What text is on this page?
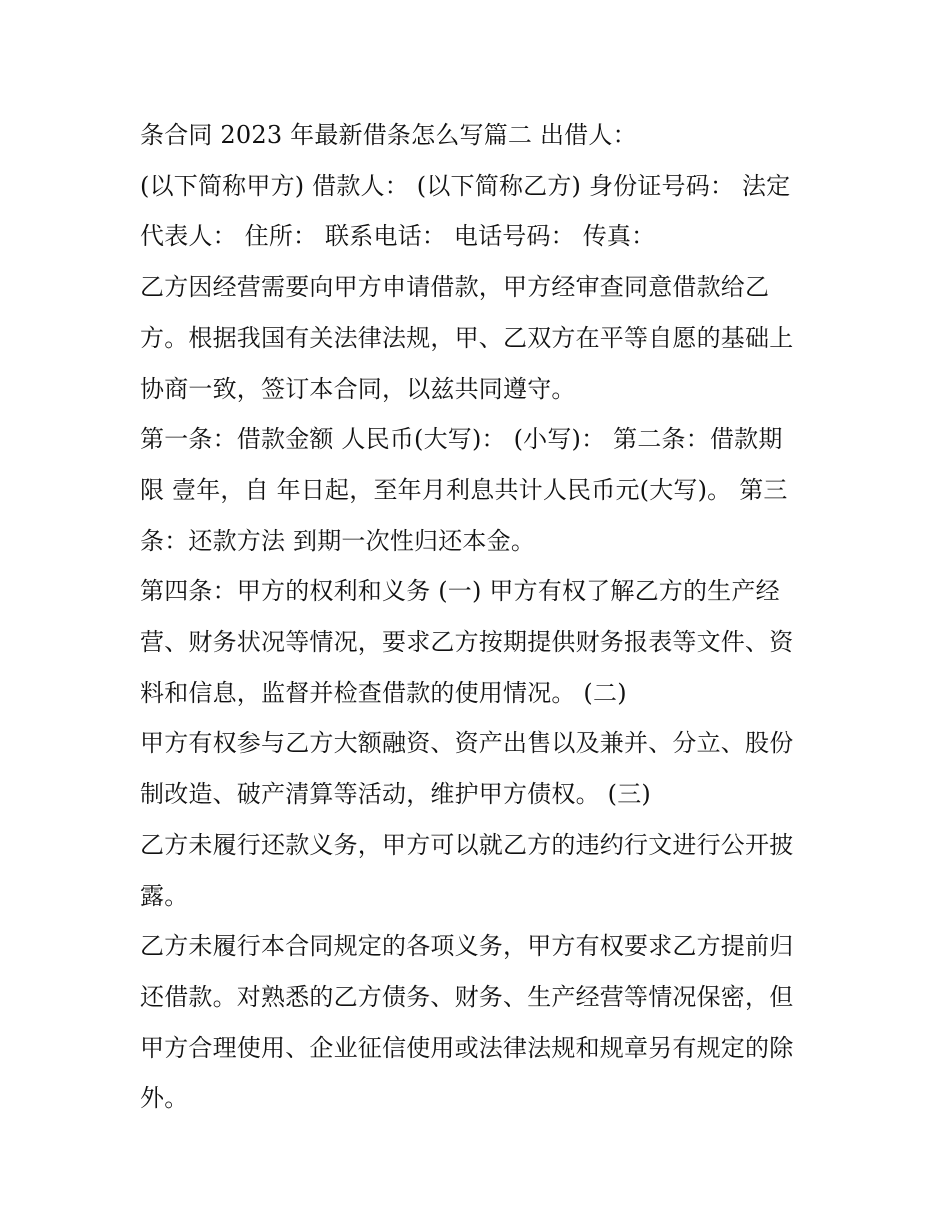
条合同 2023 年最新借条怎么写篇二 出借人：

(以下简称甲方) 借款人： (以下简称乙方) 身份证号码： 法定

代表人： 住所： 联系电话： 电话号码： 传真：

乙方因经营需要向甲方申请借款，甲方经审查同意借款给乙

方。根据我国有关法律法规，甲、乙双方在平等自愿的基础上

协商一致，签订本合同，以兹共同遵守。

第一条：借款金额 人民币(大写)： (小写)： 第二条：借款期

限 壹年，自 年日起，至年月利息共计人民币元(大写)。 第三

条：还款方法 到期一次性归还本金。

第四条：甲方的权利和义务 (一) 甲方有权了解乙方的生产经

营、财务状况等情况，要求乙方按期提供财务报表等文件、资

料和信息，监督并检查借款的使用情况。 (二)

甲方有权参与乙方大额融资、资产出售以及兼并、分立、股份

制改造、破产清算等活动，维护甲方债权。 (三)

乙方未履行还款义务，甲方可以就乙方的违约行文进行公开披

露。

乙方未履行本合同规定的各项义务，甲方有权要求乙方提前归

还借款。对熟悉的乙方债务、财务、生产经营等情况保密，但

甲方合理使用、企业征信使用或法律法规和规章另有规定的除

外。
